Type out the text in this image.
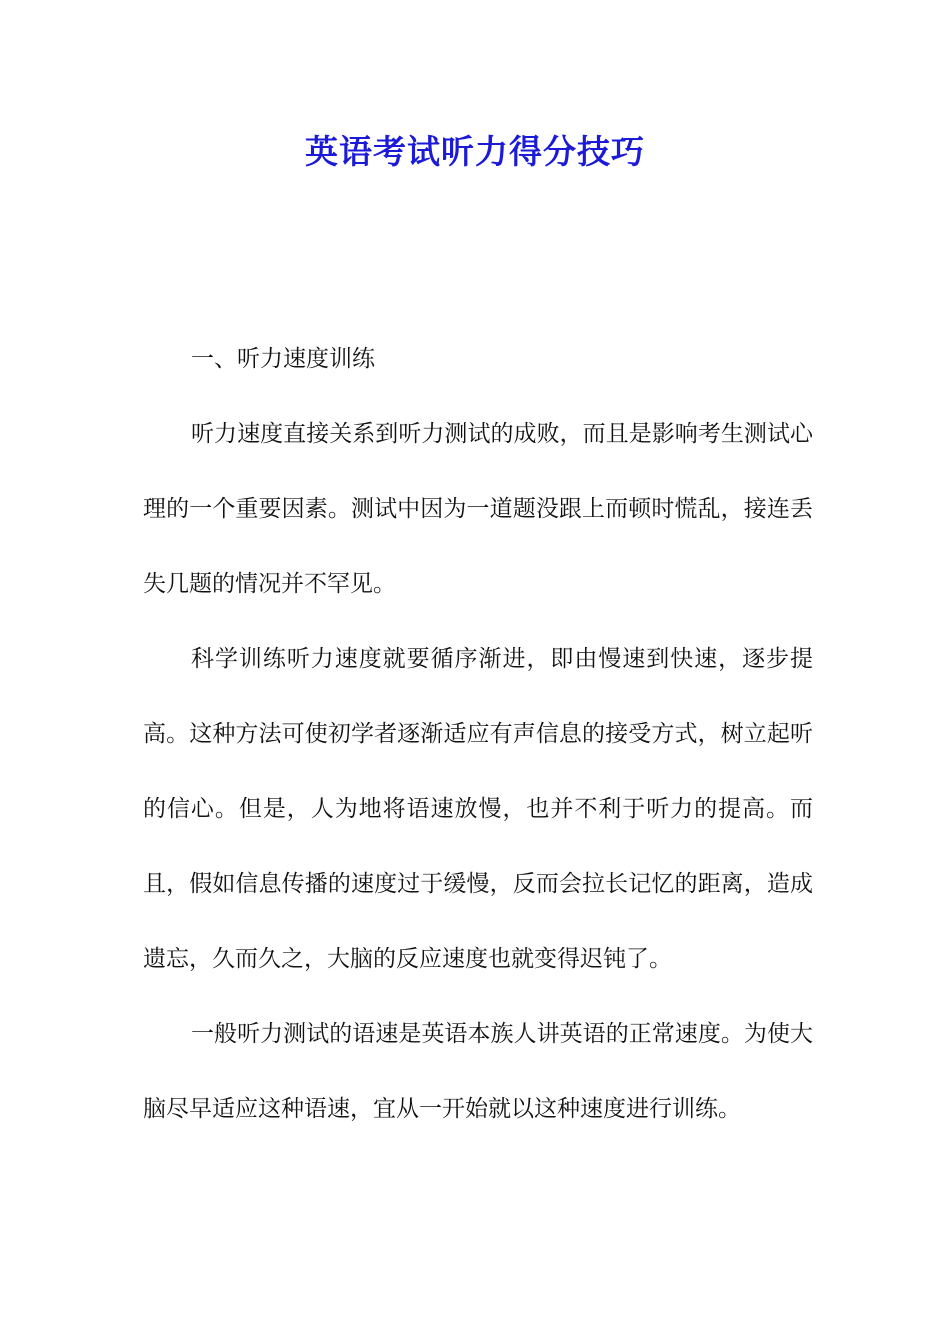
英语考试听力得分技巧

一、听力速度训练

听力速度直接关系到听力测试的成败，而且是影响考生测试心理的一个重要因素。测试中因为一道题没跟上而顿时慌乱，接连丢失几题的情况并不罕见。

科学训练听力速度就要循序渐进，即由慢速到快速，逐步提高。这种方法可使初学者逐渐适应有声信息的接受方式，树立起听的信心。但是，人为地将语速放慢，也并不利于听力的提高。而且，假如信息传播的速度过于缓慢，反而会拉长记忆的距离，造成遗忘，久而久之，大脑的反应速度也就变得迟钝了。

一般听力测试的语速是英语本族人讲英语的正常速度。为使大脑尽早适应这种语速，宜从一开始就以这种速度进行训练。
